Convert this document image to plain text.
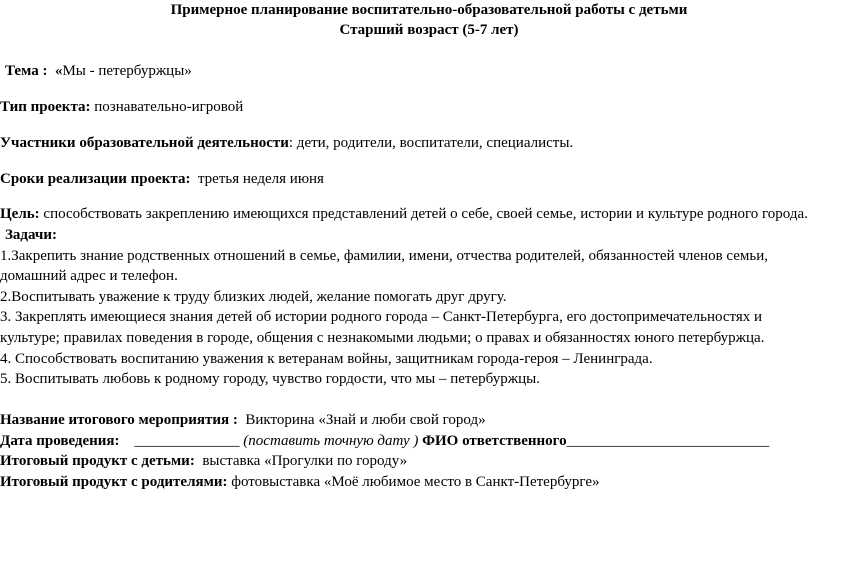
Примерное планирование воспитательно-образовательной работы с детьми
Старший возраст (5-7 лет)
Тема : «Мы - петербуржцы»
Тип проекта: познавательно-игровой
Участники образовательной деятельности: дети, родители, воспитатели, специалисты.
Сроки реализации проекта: третья неделя июня
Цель: способствовать закреплению имеющихся представлений детей о себе, своей семье, истории и культуре родного города.
Задачи:
1.Закрепить знание родственных отношений в семье, фамилии, имени, отчества родителей, обязанностей членов семьи,
домашний адрес и телефон.
2.Воспитывать уважение к труду близких людей, желание помогать друг другу.
3. Закреплять имеющиеся знания детей об истории родного города – Санкт-Петербурга, его достопримечательностях и
культуре; правилах поведения в городе, общения с незнакомыми людьми; о правах и обязанностях юного петербуржца.
4. Способствовать воспитанию уважения к ветеранам войны, защитникам города-героя – Ленинграда.
5. Воспитывать любовь к родному городу, чувство гордости, что мы – петербуржцы.
Название итогового мероприятия : Викторина «Знай и люби свой город»
Дата проведения: ______________ (поставить точную дату ) ФИО ответственного___________________________
Итоговый продукт с детьми: выставка «Прогулки по городу»
Итоговый продукт с родителями: фотовыставка «Моё любимое место в Санкт-Петербурге»
